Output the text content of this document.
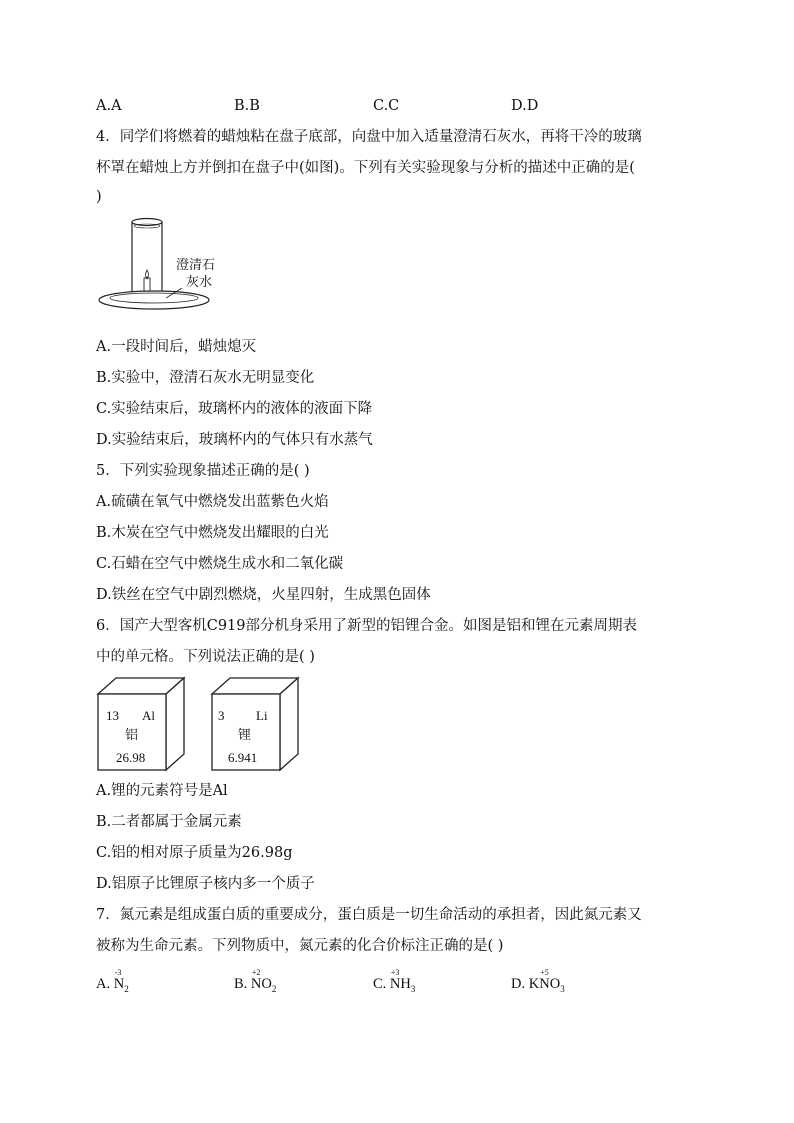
A.A	B.B	C.C	D.D
4．同学们将燃着的蜡烛粘在盘子底部，向盘中加入适量澄清石灰水，再将干冷的玻璃
杯罩在蜡烛上方并倒扣在盘子中(如图)。下列有关实验现象与分析的描述中正确的是(
)
澄清石
灰水
A.一段时间后，蜡烛熄灭
B.实验中，澄清石灰水无明显变化
C.实验结束后，玻璃杯内的液体的液面下降
D.实验结束后，玻璃杯内的气体只有水蒸气
5．下列实验现象描述正确的是( )
A.硫磺在氧气中燃烧发出蓝紫色火焰
B.木炭在空气中燃烧发出耀眼的白光
C.石蜡在空气中燃烧生成水和二氧化碳
D.铁丝在空气中剧烈燃烧，火星四射，生成黑色固体
6．国产大型客机C919部分机身采用了新型的铝锂合金。如图是铝和锂在元素周期表
中的单元格。下列说法正确的是( )
13 Al
铝
26.98
3 Li
锂
6.941
A.锂的元素符号是Al
B.二者都属于金属元素
C.铝的相对原子质量为26.98g
D.铝原子比锂原子核内多一个质子
7．氮元素是组成蛋白质的重要成分，蛋白质是一切生命活动的承担者，因此氮元素又
被称为生命元素。下列物质中，氮元素的化合价标注正确的是( )
A.
-3
$N_2$	B.
+2
$NO_2$	C.
+3
$NH_3$	D. K
+5
$NO_3$
